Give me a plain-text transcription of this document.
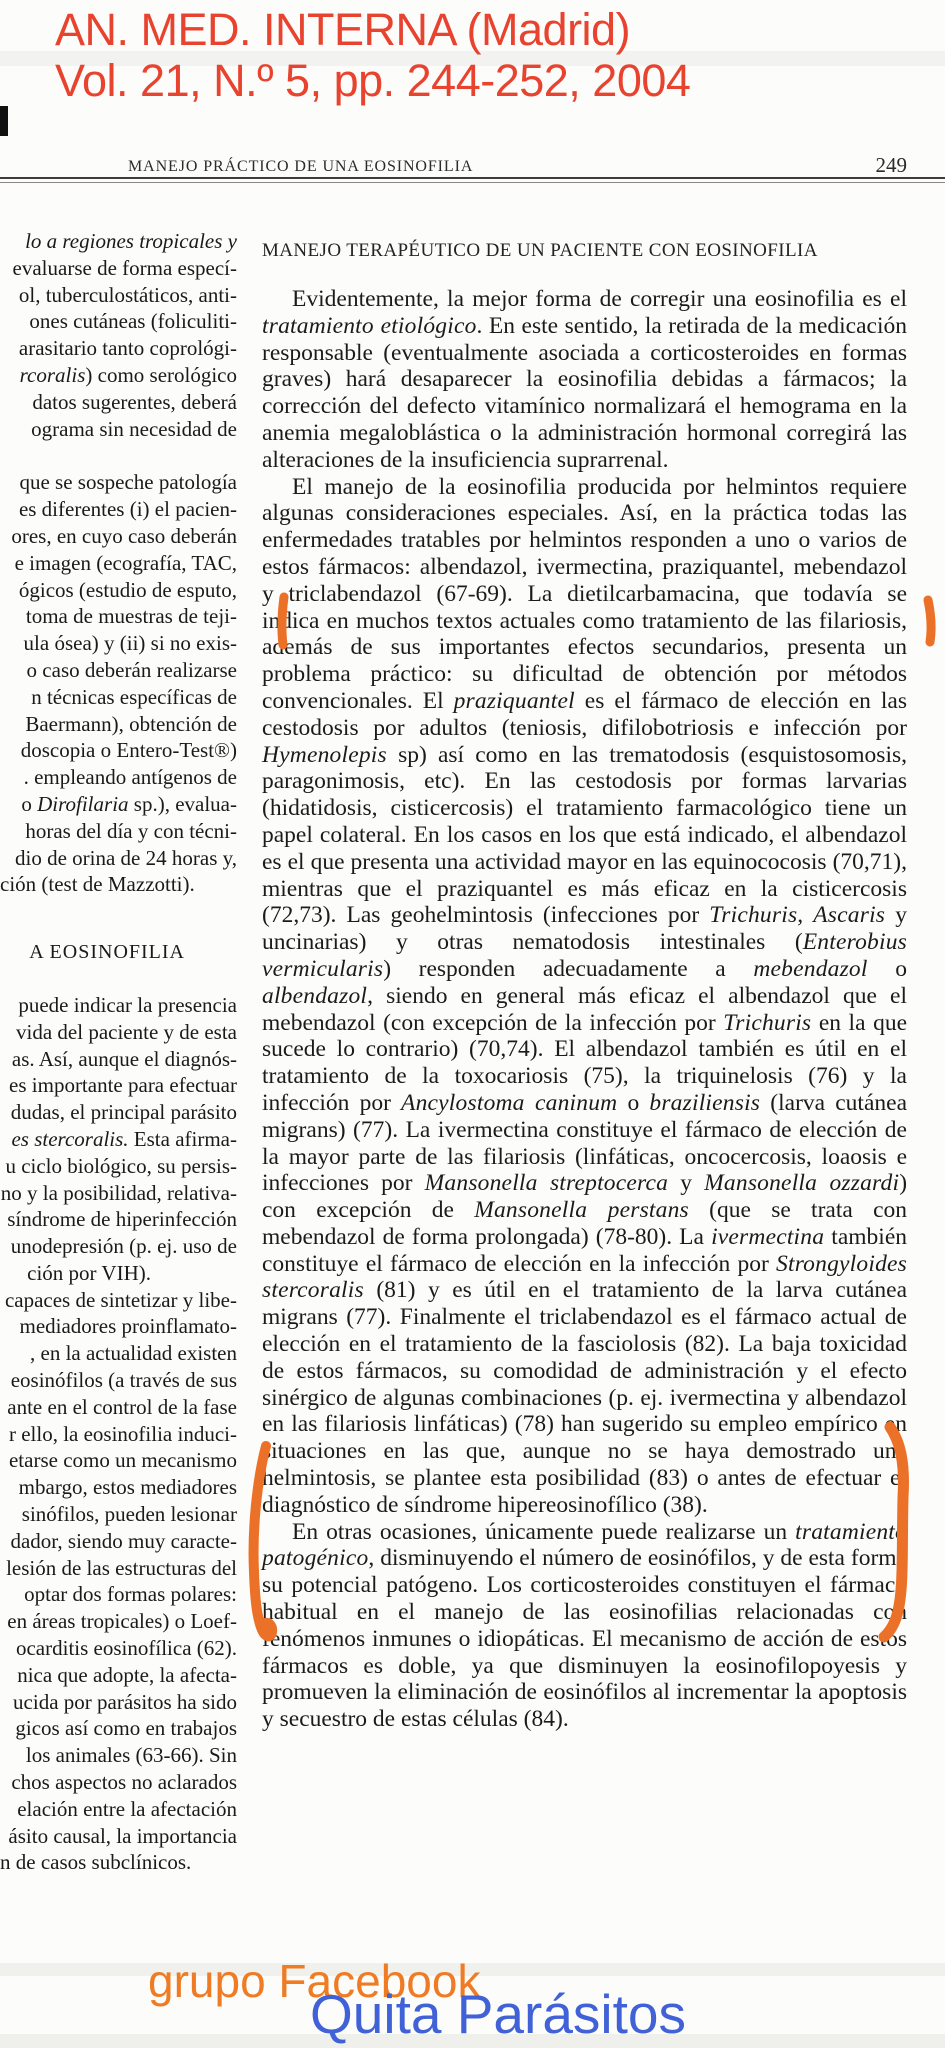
AN. MED. INTERNA (Madrid)
Vol. 21, N.º 5, pp. 244-252, 2004
MANEJO PRÁCTICO DE UNA EOSINOFILIA	249
lo a regiones tropicales y
evaluarse de forma especí-
ol, tuberculostáticos, anti-
ones cutáneas (foliculiti-
arasitario tanto coprológi-
rcoralis) como serológico
datos sugerentes, deberá
ograma sin necesidad de
que se sospeche patología
es diferentes (i) el pacien-
ores, en cuyo caso deberán
e imagen (ecografía, TAC,
ógicos (estudio de esputo,
toma de muestras de teji-
ula ósea) y (ii) si no exis-
o caso deberán realizarse
n técnicas específicas de
Baermann), obtención de
doscopia o Entero-Test®)
. empleando antígenos de
o Dirofilaria sp.), evalua-
horas del día y con técni-
dio de orina de 24 horas y,
ción (test de Mazzotti).
A EOSINOFILIA
puede indicar la presencia
vida del paciente y de esta
as. Así, aunque el diagnós-
es importante para efectuar
dudas, el principal parásito
es stercoralis. Esta afirma-
u ciclo biológico, su persis-
no y la posibilidad, relativa-
síndrome de hiperinfección
unodepresión (p. ej. uso de
ción por VIH).
capaces de sintetizar y libe-
mediadores proinflamato-
, en la actualidad existen
eosinófilos (a través de sus
ante en el control de la fase
r ello, la eosinofilia induci-
etarse como un mecanismo
mbargo, estos mediadores
sinófilos, pueden lesionar
dador, siendo muy caracte-
lesión de las estructuras del
optar dos formas polares:
en áreas tropicales) o Loef-
ocarditis eosinofílica (62).
nica que adopte, la afecta-
ucida por parásitos ha sido
gicos así como en trabajos
los animales (63-66). Sin
chos aspectos no aclarados
elación entre la afectación
ásito causal, la importancia
n de casos subclínicos.
MANEJO TERAPÉUTICO DE UN PACIENTE CON EOSINOFILIA

Evidentemente, la mejor forma de corregir una eosinofilia es el tratamiento etiológico. En este sentido, la retirada de la medicación responsable (eventualmente asociada a corticosteroides en formas graves) hará desaparecer la eosinofilia debidas a fármacos; la corrección del defecto vitamínico normalizará el hemograma en la anemia megaloblástica o la administración hormonal corregirá las alteraciones de la insuficiencia suprarrenal.

El manejo de la eosinofilia producida por helmintos requiere algunas consideraciones especiales. Así, en la práctica todas las enfermedades tratables por helmintos responden a uno o varios de estos fármacos: albendazol, ivermectina, praziquantel, mebendazol y triclabendazol (67-69). La dietilcarbamacina, que todavía se indica en muchos textos actuales como tratamiento de las filariosis, además de sus importantes efectos secundarios, presenta un problema práctico: su dificultad de obtención por métodos convencionales. El praziquantel es el fármaco de elección en las cestodosis por adultos (teniosis, difilobotriosis e infección por Hymenolepis sp) así como en las trematodosis (esquistosomosis, paragonimosis, etc). En las cestodosis por formas larvarias (hidatidosis, cisticercosis) el tratamiento farmacológico tiene un papel colateral. En los casos en los que está indicado, el albendazol es el que presenta una actividad mayor en las equinococosis (70,71), mientras que el praziquantel es más eficaz en la cisticercosis (72,73). Las geohelmintosis (infecciones por Trichuris, Ascaris y uncinarias) y otras nematodosis intestinales (Enterobius vermicularis) responden adecuadamente a mebendazol o albendazol, siendo en general más eficaz el albendazol que el mebendazol (con excepción de la infección por Trichuris en la que sucede lo contrario) (70,74). El albendazol también es útil en el tratamiento de la toxocariosis (75), la triquinelosis (76) y la infección por Ancylostoma caninum o braziliensis (larva cutánea migrans) (77). La ivermectina constituye el fármaco de elección de la mayor parte de las filariosis (linfáticas, oncocercosis, loaosis e infecciones por Mansonella streptocerca y Mansonella ozzardi) con excepción de Mansonella perstans (que se trata con mebendazol de forma prolongada) (78-80). La ivermectina también constituye el fármaco de elección en la infección por Strongyloides stercoralis (81) y es útil en el tratamiento de la larva cutánea migrans (77). Finalmente el triclabendazol es el fármaco actual de elección en el tratamiento de la fasciolosis (82). La baja toxicidad de estos fármacos, su comodidad de administración y el efecto sinérgico de algunas combinaciones (p. ej. ivermectina y albendazol en las filariosis linfáticas) (78) han sugerido su empleo empírico en situaciones en las que, aunque no se haya demostrado una helmintosis, se plantee esta posibilidad (83) o antes de efectuar el diagnóstico de síndrome hipereosinofílico (38).

En otras ocasiones, únicamente puede realizarse un tratamiento patogénico, disminuyendo el número de eosinófilos, y de esta forma su potencial patógeno. Los corticosteroides constituyen el fármaco habitual en el manejo de las eosinofilias relacionadas con fenómenos inmunes o idiopáticas. El mecanismo de acción de estos fármacos es doble, ya que disminuyen la eosinofilopoyesis y promueven la eliminación de eosinófilos al incrementar la apoptosis y secuestro de estas células (84).

grupo Facebook
Quita Parásitos
